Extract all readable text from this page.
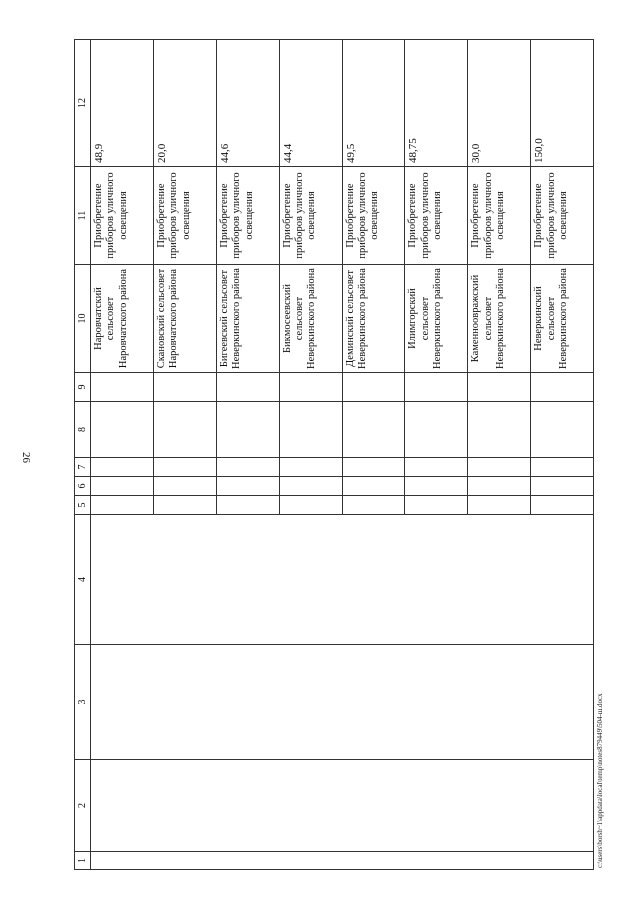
26
c:\users\borsh~1\appdata\local\temp\notes879449\504-ш.docx
1	2	3	4	5	6	7	8	9	10	11	12

									Наровчатский сельсовет Наровчатского района	Приобретение приборов уличного освещения	48,9

									Скановский сельсовет Наровчатского района	Приобретение приборов уличного освещения	20,0

									Бигеевский сельсовет Неверкинского района	Приобретение приборов уличного освещения	44,6

									Бикмосеевский сельсовет Неверкинского района	Приобретение приборов уличного освещения	44,4

									Деминский сельсовет Неверкинского района	Приобретение приборов уличного освещения	49,5

									Илимгорский сельсовет Неверкинского района	Приобретение приборов уличного освещения	48,75

									Каменноовражский сельсовет Неверкинского района	Приобретение приборов уличного освещения	30,0

									Неверкинский сельсовет Неверкинского района	Приобретение приборов уличного освещения	150,0
